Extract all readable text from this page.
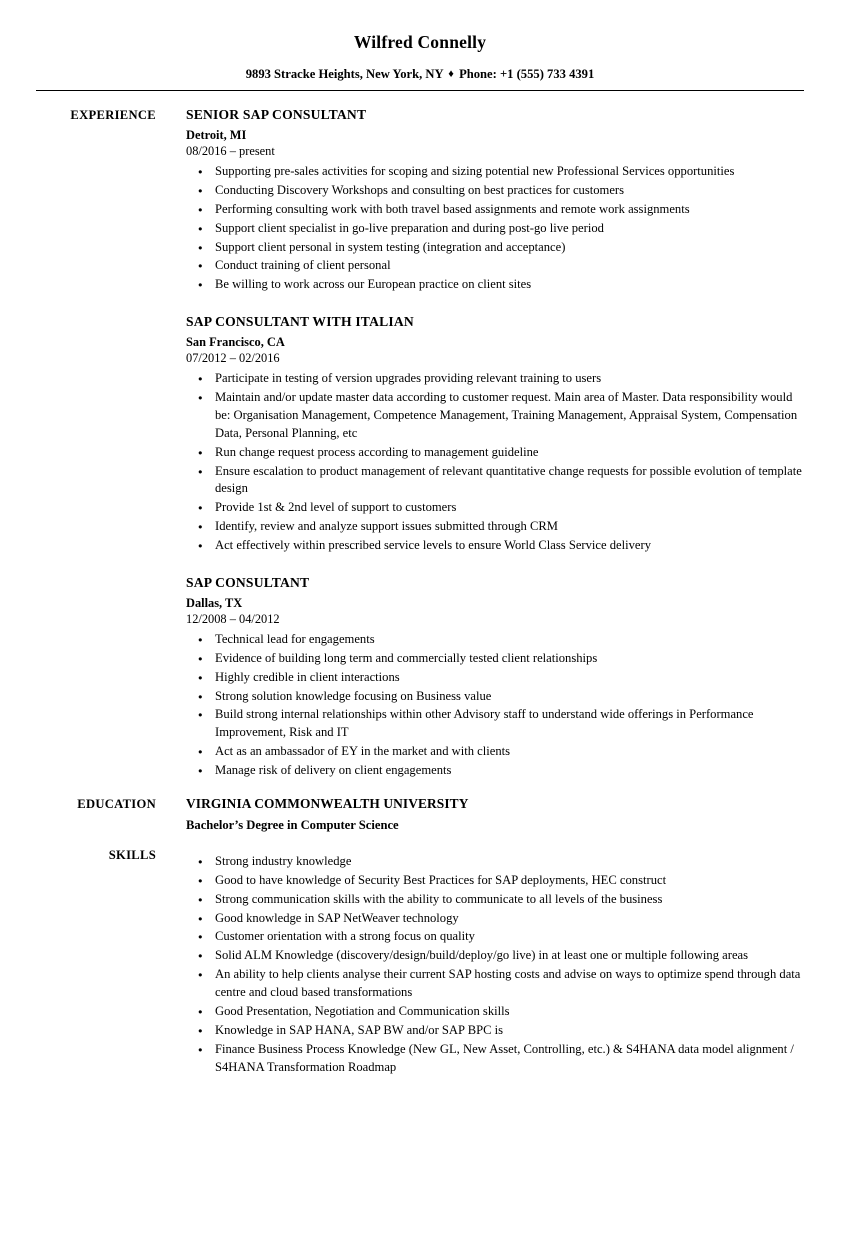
Wilfred Connelly
9893 Stracke Heights, New York, NY ♦ Phone: +1 (555) 733 4391
EXPERIENCE SENIOR SAP CONSULTANT
Detroit, MI
08/2016 – present
● Supporting pre-sales activities for scoping and sizing potential new Professional Services opportunities
● Conducting Discovery Workshops and consulting on best practices for customers
● Performing consulting work with both travel based assignments and remote work assignments
● Support client specialist in go-live preparation and during post-go live period
● Support client personal in system testing (integration and acceptance)
● Conduct training of client personal
● Be willing to work across our European practice on client sites
SAP CONSULTANT WITH ITALIAN
San Francisco, CA
07/2012 – 02/2016
● Participate in testing of version upgrades providing relevant training to users
● Maintain and/or update master data according to customer request. Main area of Master. Data responsibility would be: Organisation Management, Competence Management, Training Management, Appraisal System, Compensation Data, Personal Planning, etc
● Run change request process according to management guideline
● Ensure escalation to product management of relevant quantitative change requests for possible evolution of template design
● Provide 1st & 2nd level of support to customers
● Identify, review and analyze support issues submitted through CRM
● Act effectively within prescribed service levels to ensure World Class Service delivery
SAP CONSULTANT
Dallas, TX
12/2008 – 04/2012
● Technical lead for engagements
● Evidence of building long term and commercially tested client relationships
● Highly credible in client interactions
● Strong solution knowledge focusing on Business value
● Build strong internal relationships within other Advisory staff to understand wide offerings in Performance Improvement, Risk and IT
● Act as an ambassador of EY in the market and with clients
● Manage risk of delivery on client engagements
EDUCATION VIRGINIA COMMONWEALTH UNIVERSITY
Bachelor’s Degree in Computer Science
SKILLS	● Strong industry knowledge
● Good to have knowledge of Security Best Practices for SAP deployments, HEC construct
● Strong communication skills with the ability to communicate to all levels of the business
● Good knowledge in SAP NetWeaver technology
● Customer orientation with a strong focus on quality
● Solid ALM Knowledge (discovery/design/build/deploy/go live) in at least one or multiple following areas
● An ability to help clients analyse their current SAP hosting costs and advise on ways to optimize spend through data centre and cloud based transformations
● Good Presentation, Negotiation and Communication skills
● Knowledge in SAP HANA, SAP BW and/or SAP BPC is
● Finance Business Process Knowledge (New GL, New Asset, Controlling, etc.) & S4HANA data model alignment / S4HANA Transformation Roadmap
